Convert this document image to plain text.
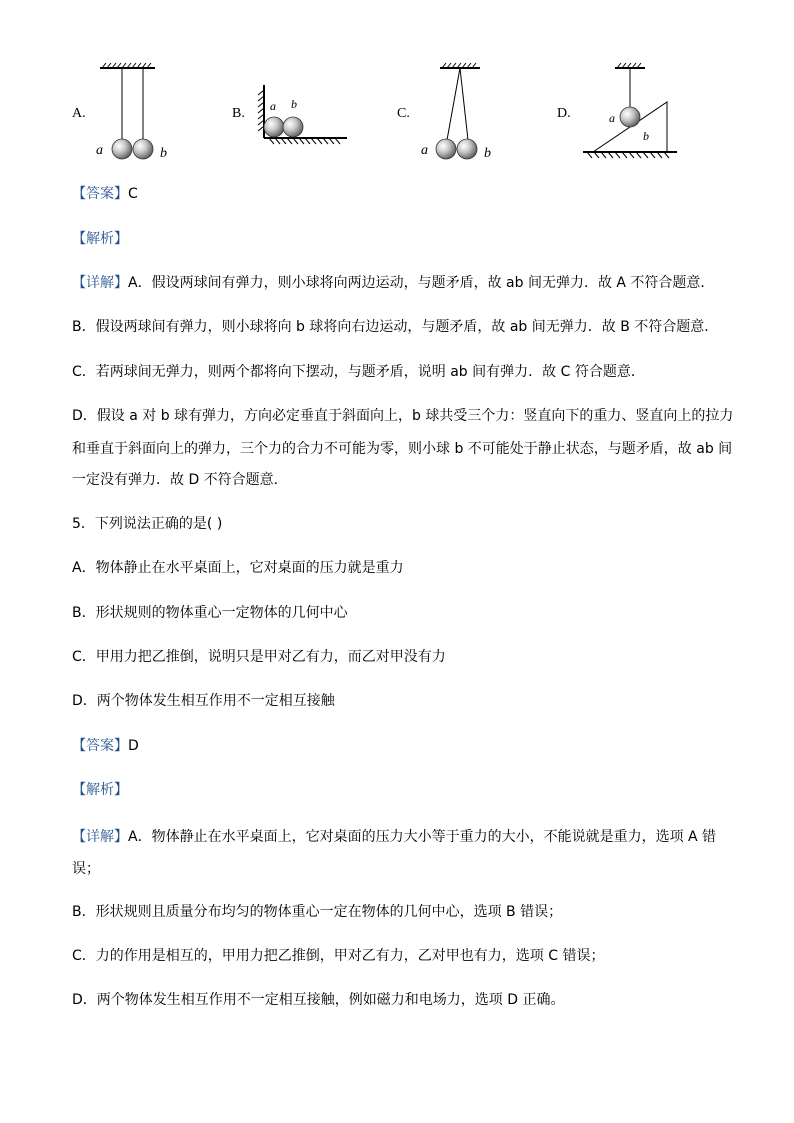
A.
a	b
B. a b
C.
a	b
D.	a
b
【答案】C
【解析】
【详解】A．假设两球间有弹力，则小球将向两边运动，与题矛盾，故 ab 间无弹力．故 A 不符合题意．
B．假设两球间有弹力，则小球将向 b 球将向右边运动，与题矛盾，故 ab 间无弹力．故 B 不符合题意．
C．若两球间无弹力，则两个都将向下摆动，与题矛盾，说明 ab 间有弹力．故 C 符合题意．
D．假设 a 对 b 球有弹力，方向必定垂直于斜面向上，b 球共受三个力：竖直向下的重力、竖直向上的拉力
和垂直于斜面向上的弹力，三个力的合力不可能为零，则小球 b 不可能处于静止状态，与题矛盾，故 ab 间
一定没有弹力．故 D 不符合题意．
5．下列说法正确的是( )
A．物体静止在水平桌面上，它对桌面的压力就是重力
B．形状规则的物体重心一定物体的几何中心
C．甲用力把乙推倒，说明只是甲对乙有力，而乙对甲没有力
D．两个物体发生相互作用不一定相互接触
【答案】D
【解析】
【详解】A．物体静止在水平桌面上，它对桌面的压力大小等于重力的大小，不能说就是重力，选项 A 错
误；
B．形状规则且质量分布均匀的物体重心一定在物体的几何中心，选项 B 错误；
C．力的作用是相互的，甲用力把乙推倒，甲对乙有力，乙对甲也有力，选项 C 错误；
D．两个物体发生相互作用不一定相互接触，例如磁力和电场力，选项 D 正确。
